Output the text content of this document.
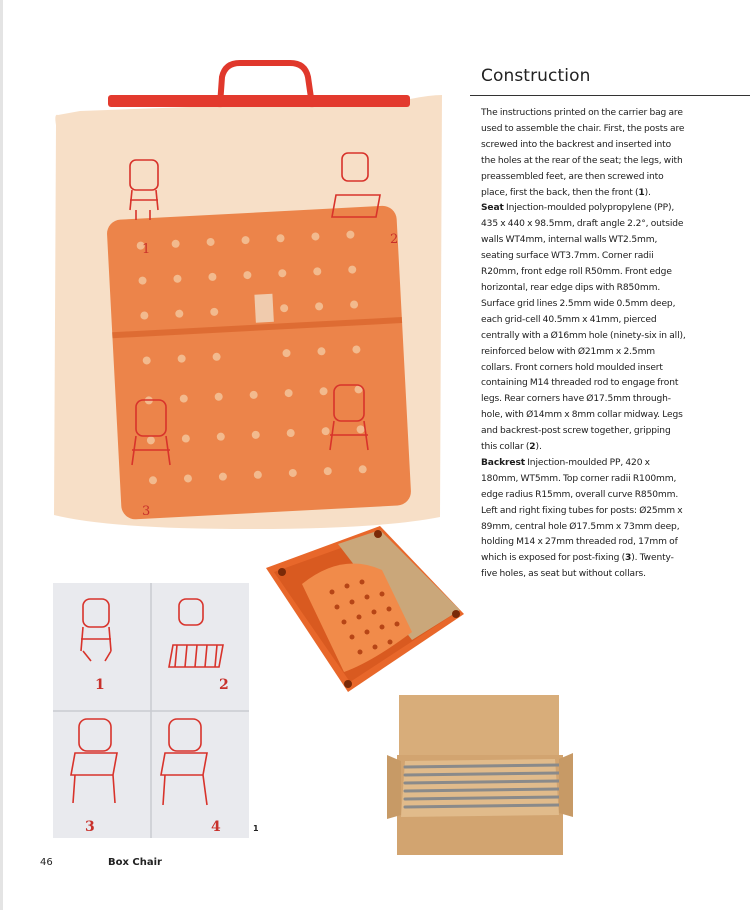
Construction

The instructions printed on the carrier bag are used to assemble the chair. First, the posts are screwed into the backrest and inserted into the holes at the rear of the seat; the legs, with preassembled feet, are then screwed into place, first the back, then the front (1).

Seat Injection-moulded polypropylene (PP), 435 x 440 x 98.5mm, draft angle 2.2°, outside walls WT4mm, internal walls WT2.5mm, seating surface WT3.7mm. Corner radii R20mm, front edge roll R50mm. Front edge horizontal, rear edge dips with R850mm. Surface grid lines 2.5mm wide 0.5mm deep, each grid-cell 40.5mm x 41mm, pierced centrally with a Ø16mm hole (ninety-six in all), reinforced below with Ø21mm x 2.5mm collars. Front corners hold moulded insert containing M14 threaded rod to engage front legs. Rear corners have Ø17.5mm through-hole, with Ø14mm x 8mm collar midway. Legs and backrest-post screw together, gripping this collar (2).

Backrest Injection-moulded PP, 420 x 180mm, WT5mm. Top corner radii R100mm, edge radius R15mm, overall curve R850mm. Left and right fixing tubes for posts: Ø25mm x 89mm, central hole Ø17.5mm x 73mm deep, holding M14 x 27mm threaded rod, 17mm of which is exposed for post-fixing (3). Twenty-five holes, as seat but without collars.

1
2
3
1	2
3	4	1
46	Box Chair
